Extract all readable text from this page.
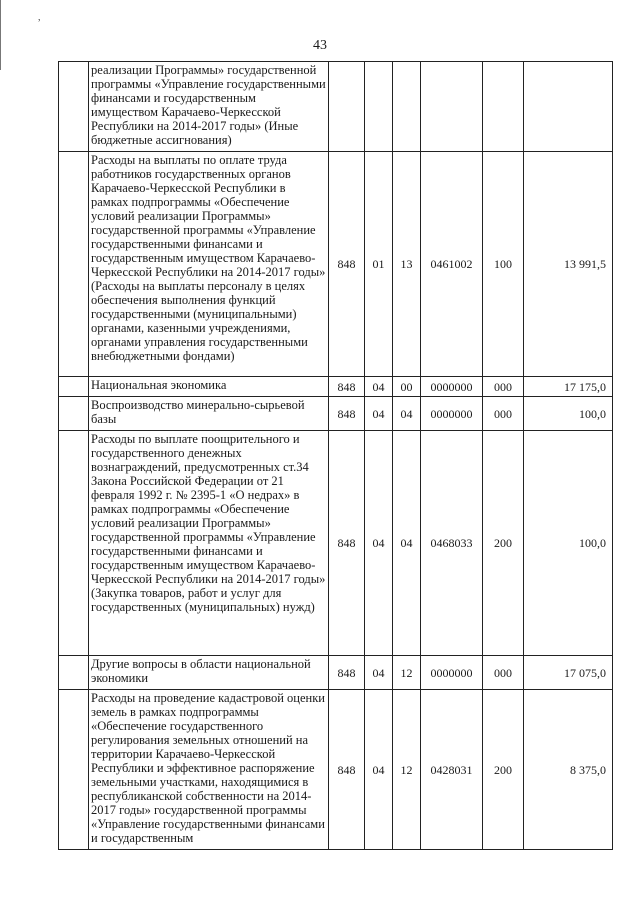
,
43
	реализации Программы» государственной программы «Управление государственными финансами и государственным имуществом Карачаево-Черкесской Республики на 2014-2017 годы» (Иные бюджетные ассигнования)						
	Расходы на выплаты по оплате труда работников государственных органов Карачаево-Черкесской Республики в рамках подпрограммы «Обеспечение условий реализации Программы» государственной программы «Управление государственными финансами и государственным имуществом Карачаево-Черкесской Республики на 2014-2017 годы» (Расходы на выплаты персоналу в целях обеспечения выполнения функций государственными (муниципальными) органами, казенными учреждениями, органами управления государственными внебюджетными фондами)	848	01	13	0461002	100	13 991,5
	Национальная экономика	848	04	00	0000000	000	17 175,0
	Воспроизводство минерально-сырьевой базы	848	04	04	0000000	000	100,0
	Расходы по выплате поощрительного и государственного денежных вознаграждений, предусмотренных ст.34 Закона Российской Федерации от 21 февраля 1992 г. № 2395-1 «О недрах» в рамках подпрограммы «Обеспечение условий реализации Программы» государственной программы «Управление государственными финансами и государственным имуществом Карачаево-Черкесской Республики на 2014-2017 годы» (Закупка товаров, работ и услуг для государственных (муниципальных) нужд)	848	04	04	0468033	200	100,0
	Другие вопросы в области национальной экономики	848	04	12	0000000	000	17 075,0
	Расходы на проведение кадастровой оценки земель в рамках подпрограммы «Обеспечение государственного регулирования земельных отношений на территории Карачаево-Черкесской Республики и эффективное распоряжение земельными участками, находящимися в республиканской собственности на 2014-2017 годы» государственной программы «Управление государственными финансами и государственным	848	04	12	0428031	200	8 375,0
